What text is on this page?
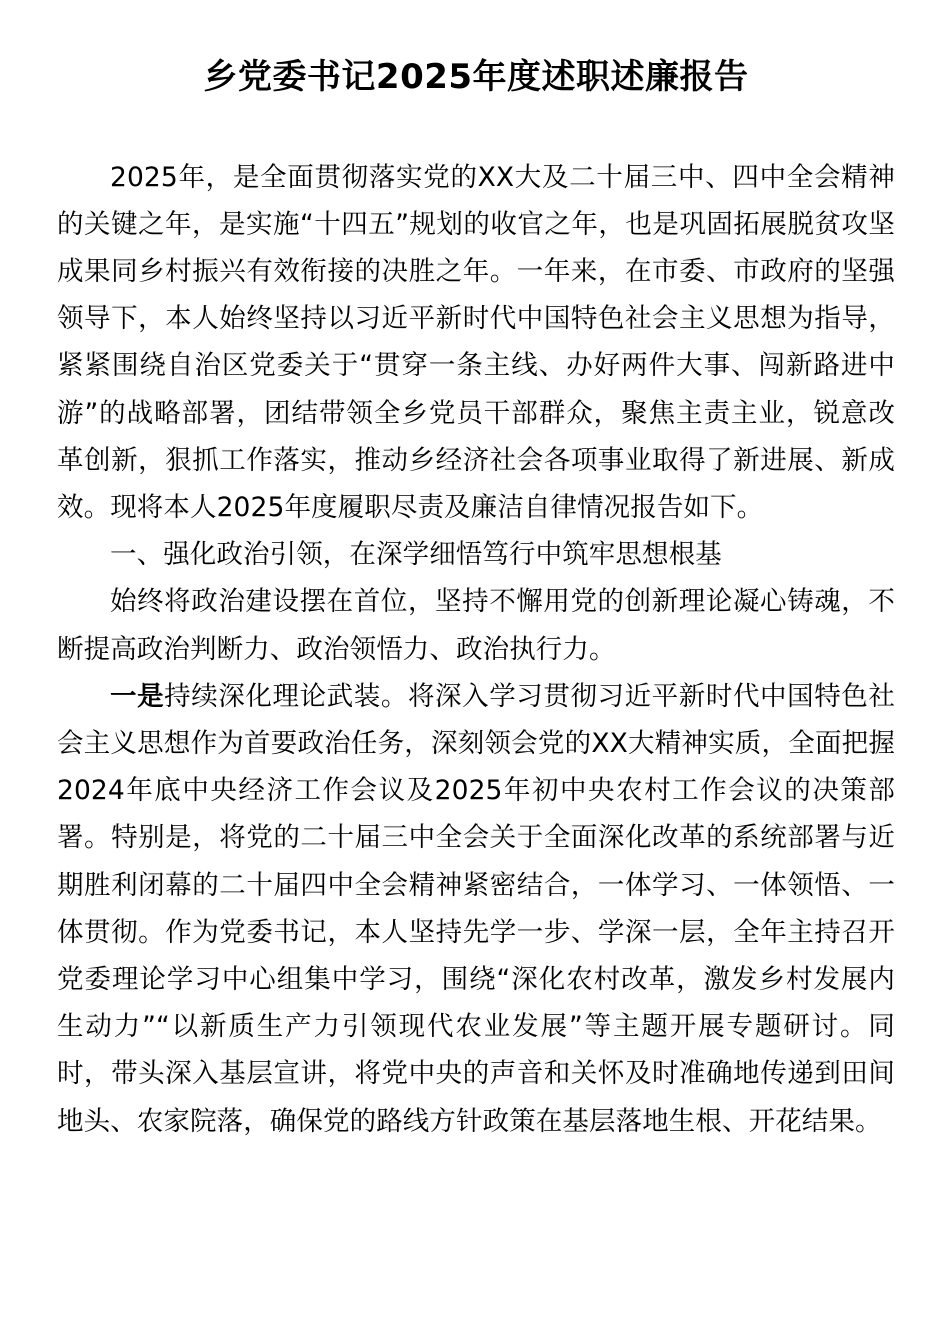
乡党委书记2025年度述职述廉报告

2025年，是全面贯彻落实党的XX大及二十届三中、四中全会精神的关键之年，是实施“十四五”规划的收官之年，也是巩固拓展脱贫攻坚成果同乡村振兴有效衔接的决胜之年。一年来，在市委、市政府的坚强领导下，本人始终坚持以习近平新时代中国特色社会主义思想为指导，紧紧围绕自治区党委关于“贯穿一条主线、办好两件大事、闯新路进中游”的战略部署，团结带领全乡党员干部群众，聚焦主责主业，锐意改革创新，狠抓工作落实，推动乡经济社会各项事业取得了新进展、新成效。现将本人2025年度履职尽责及廉洁自律情况报告如下。

一、强化政治引领，在深学细悟笃行中筑牢思想根基

始终将政治建设摆在首位，坚持不懈用党的创新理论凝心铸魂，不断提高政治判断力、政治领悟力、政治执行力。

一是持续深化理论武装。将深入学习贯彻习近平新时代中国特色社会主义思想作为首要政治任务，深刻领会党的XX大精神实质，全面把握2024年底中央经济工作会议及2025年初中央农村工作会议的决策部署。特别是，将党的二十届三中全会关于全面深化改革的系统部署与近期胜利闭幕的二十届四中全会精神紧密结合，一体学习、一体领悟、一体贯彻。作为党委书记，本人坚持先学一步、学深一层，全年主持召开党委理论学习中心组集中学习，围绕“深化农村改革，激发乡村发展内生动力”“以新质生产力引领现代农业发展”等主题开展专题研讨。同时，带头深入基层宣讲，将党中央的声音和关怀及时准确地传递到田间地头、农家院落，确保党的路线方针政策在基层落地生根、开花结果。
